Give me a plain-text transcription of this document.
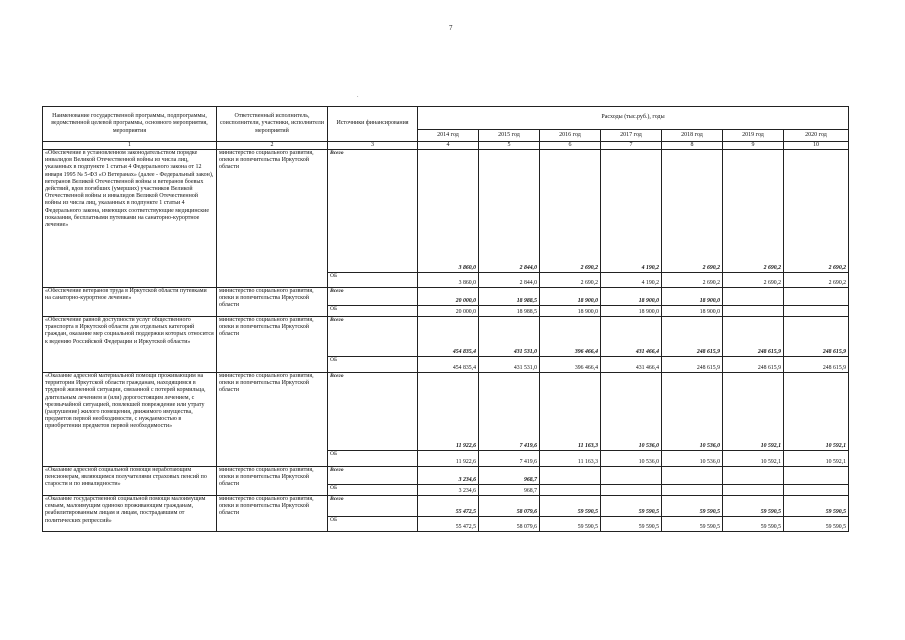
7
.
Наименование государственной программы, подпрограммы, ведомственной целевой программы, основного мероприятия, мероприятия	Ответственный исполнитель, соисполнители, участники, исполнители мероприятий	Источники финансирования	Расходы (тыс.руб.), годы						
			2014 год	2015 год	2016 год	2017 год	2018 год	2019 год	2020 год
1	2	3	4	5	6	7	8	9	10
«Обеспечение в установленном законодательством порядке инвалидов Великой Отечественной войны из числа лиц, указанных в подпункте 1 статьи 4 Федерального закона от 12 января 1995 № 5-ФЗ «О Ветеранах» (далее - Федеральный закон), ветеранов Великой Отечественной войны и ветеранов боевых действий, вдов погибших (умерших) участников Великой Отечественной войны и инвалидов Великой Отечественной войны из числа лиц, указанных в подпункте 1 статьи 4 Федерального закона, имеющих соответствующие медицинские показания, бесплатными путевками на санаторно-курортное лечение»	министерство социального развития, опеки и попечительства Иркутской области	Всего	3 860,0	2 844,0	2 690,2	4 190,2	2 690,2	2 690,2	2 690,2
		ОБ	3 860,0	2 844,0	2 690,2	4 190,2	2 690,2	2 690,2	2 690,2
«Обеспечение ветеранов труда в Иркутской области путевками на санаторно-курортное лечение»	министерство социального развития, опеки и попечительства Иркутской области	Всего	20 000,0	18 988,5	18 900,0	18 900,0	18 900,0		
		ОБ	20 000,0	18 988,5	18 900,0	18 900,0	18 900,0		
«Обеспечение равной доступности услуг общественного транспорта в Иркутской области для отдельных категорий граждан, оказание мер социальной поддержки которых относится к ведению Российской Федерации и Иркутской области»	министерство социального развития, опеки и попечительства Иркутской области	Всего	454 835,4	431 531,0	396 466,4	431 466,4	248 615,9	248 615,9	248 615,9
		ОБ	454 835,4	431 531,0	396 466,4	431 466,4	248 615,9	248 615,9	248 615,9
«Оказание адресной материальной помощи проживающим на территории Иркутской области гражданам, находящимся в трудной жизненной ситуации, связанной с потерей кормильца, длительным лечением и (или) дорогостоящим лечением, с чрезвычайной ситуацией, повлекшей повреждение или утрату (разрушение) жилого помещения, движимого имущества, предметов первой необходимости, с нуждаемостью в приобретении предметов первой необходимости»	министерство социального развития, опеки и попечительства Иркутской области	Всего	11 922,6	7 419,6	11 163,3	10 536,0	10 536,0	10 592,1	10 592,1
		ОБ	11 922,6	7 419,6	11 163,3	10 536,0	10 536,0	10 592,1	10 592,1
«Оказание адресной социальной помощи неработающим пенсионерам, являющимся получателями страховых пенсий по старости и по инвалидности»	министерство социального развития, опеки и попечительства Иркутской области	Всего	3 234,6	968,7					
		ОБ	3 234,6	968,7					
«Оказание государственной социальной помощи малоимущим семьям, малоимущим одиноко проживающим гражданам, реабилитированным лицам и лицам, пострадавшим от политических репрессий»	министерство социального развития, опеки и попечительства Иркутской области	Всего	55 472,5	58 079,6	59 590,5	59 590,5	59 590,5	59 590,5	59 590,5
		ОБ	55 472,5	58 079,6	59 590,5	59 590,5	59 590,5	59 590,5	59 590,5
